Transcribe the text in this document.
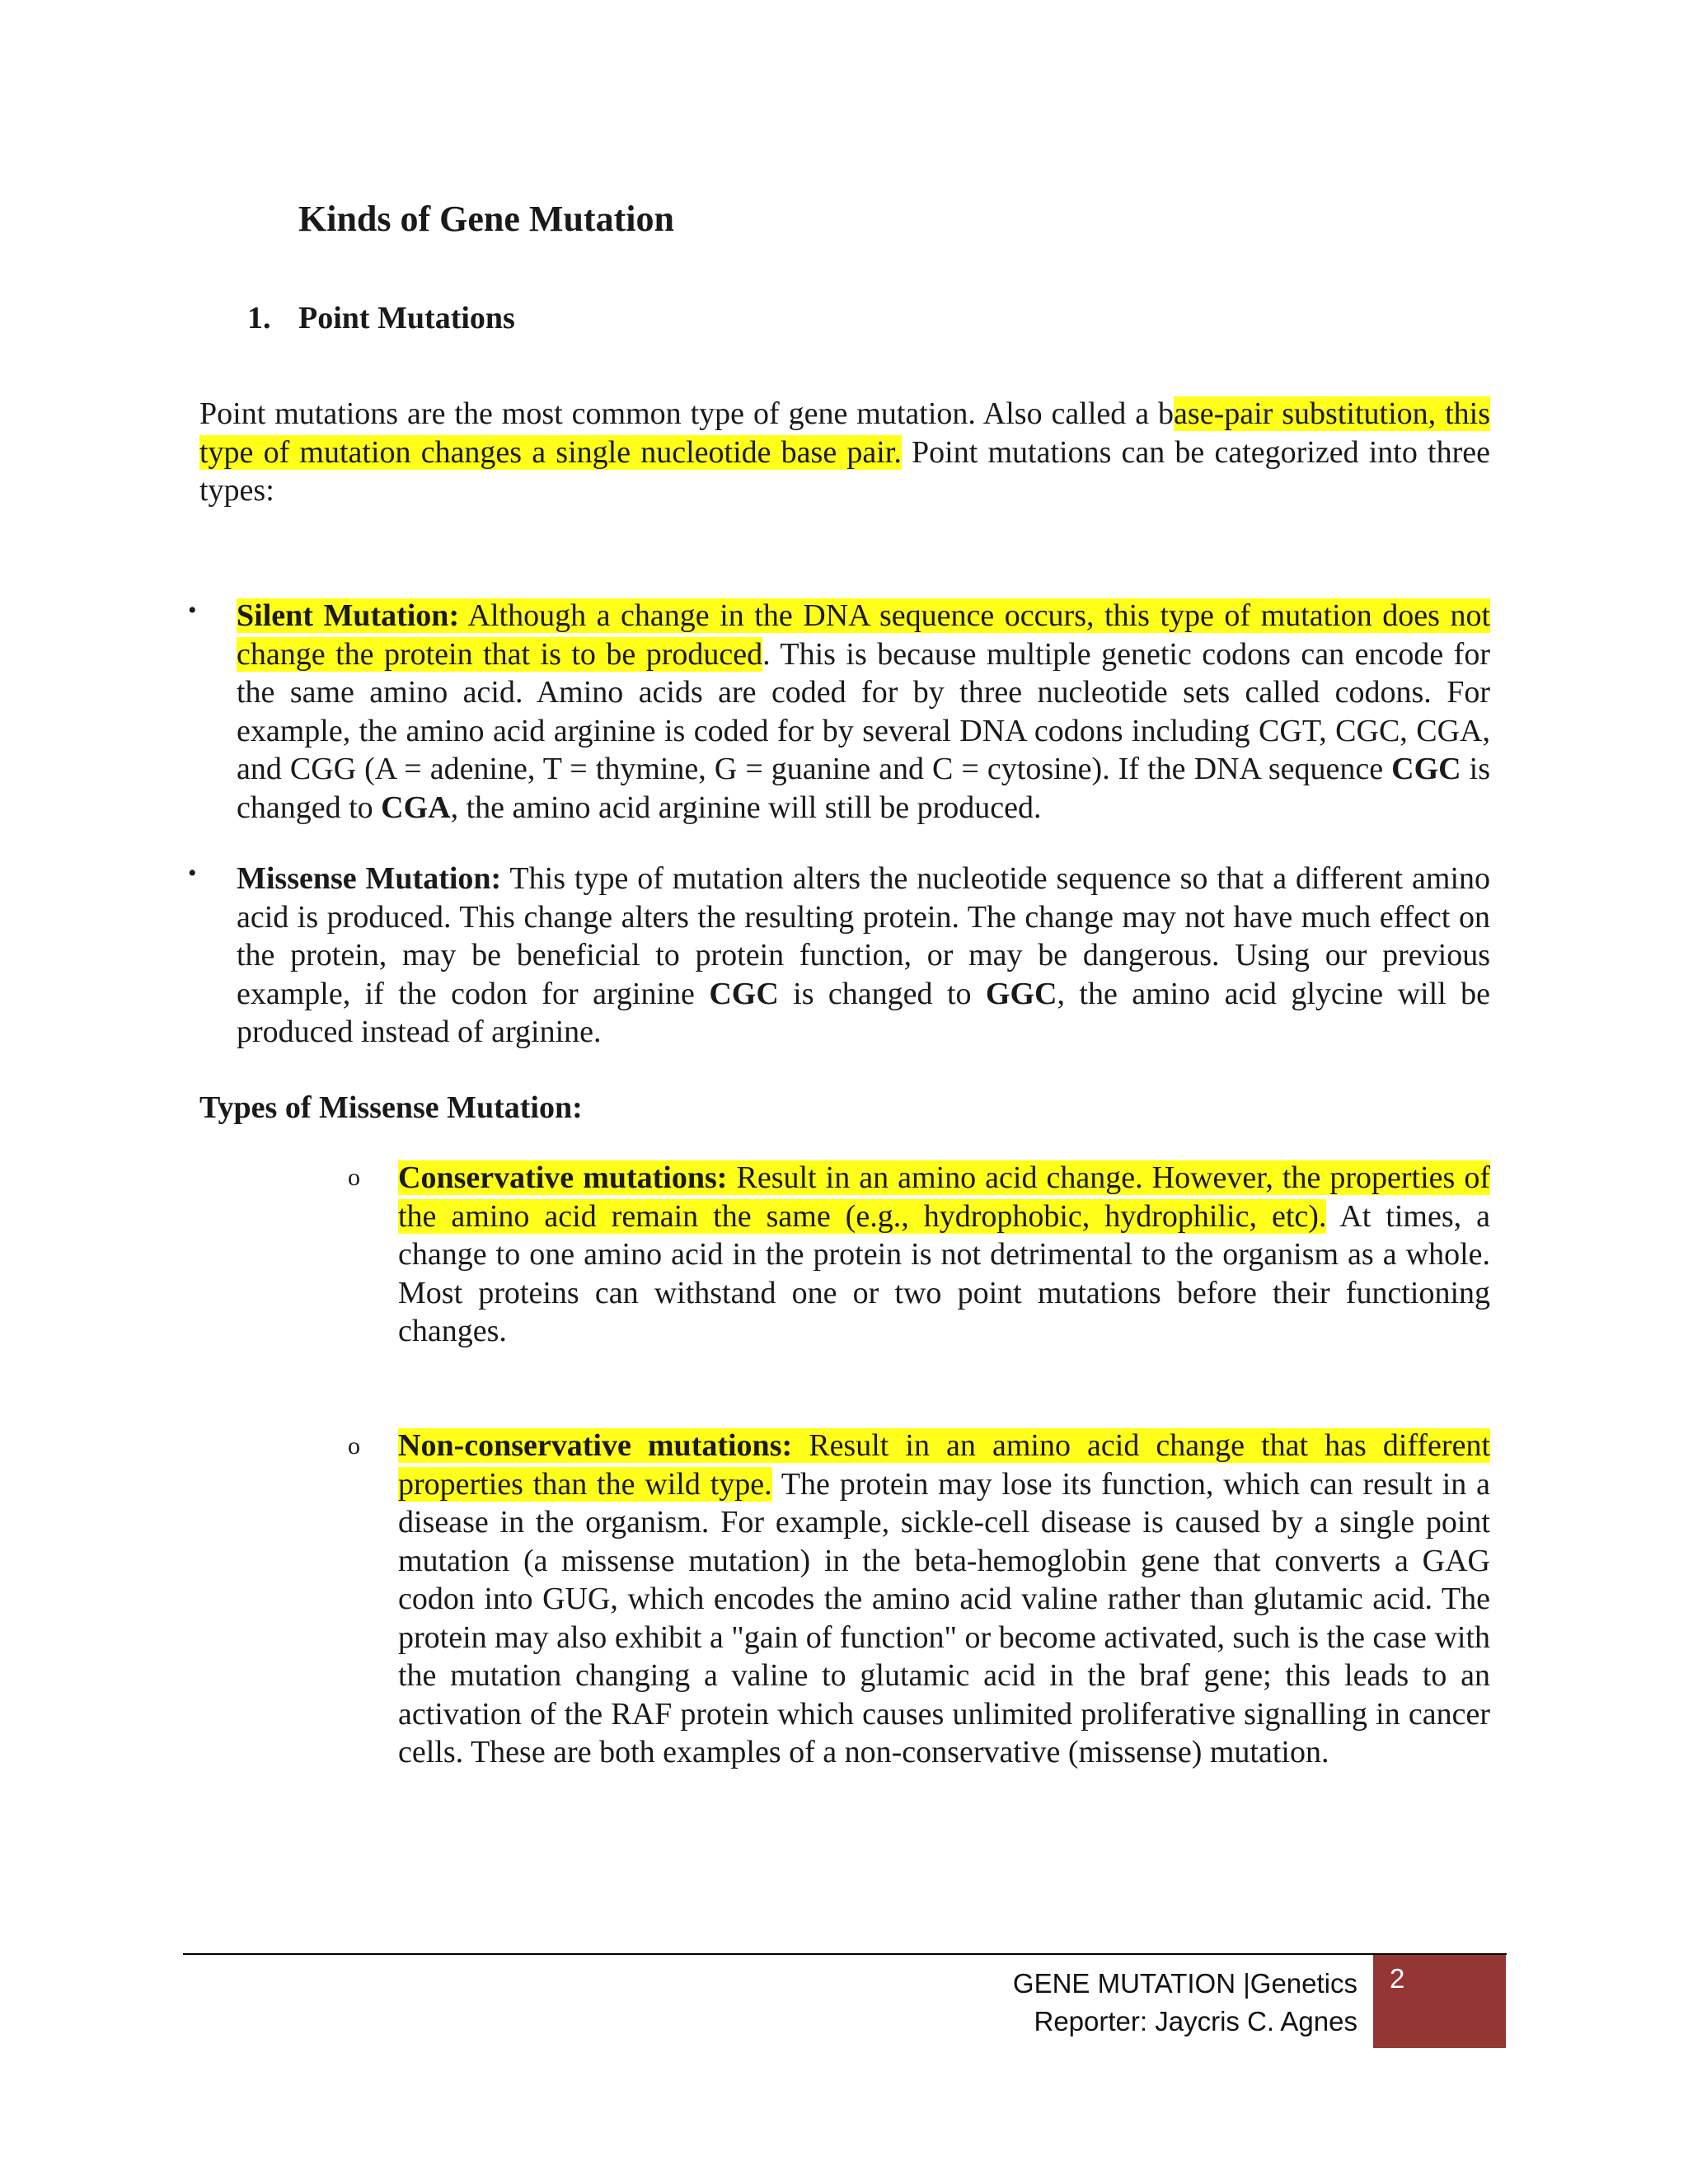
Kinds of Gene Mutation
1. Point Mutations

Point mutations are the most common type of gene mutation. Also called a base-pair substitution, this type of mutation changes a single nucleotide base pair. Point mutations can be categorized into three types:

• Silent Mutation: Although a change in the DNA sequence occurs, this type of mutation does not change the protein that is to be produced. This is because multiple genetic codons can encode for the same amino acid. Amino acids are coded for by three nucleotide sets called codons. For example, the amino acid arginine is coded for by several DNA codons including CGT, CGC, CGA, and CGG (A = adenine, T = thymine, G = guanine and C = cytosine). If the DNA sequence CGC is changed to CGA, the amino acid arginine will still be produced.

• Missense Mutation: This type of mutation alters the nucleotide sequence so that a different amino acid is produced. This change alters the resulting protein. The change may not have much effect on the protein, may be beneficial to protein function, or may be dangerous. Using our previous example, if the codon for arginine CGC is changed to GGC, the amino acid glycine will be produced instead of arginine.

Types of Missense Mutation:
o Conservative mutations: Result in an amino acid change. However, the properties of the amino acid remain the same (e.g., hydrophobic, hydrophilic, etc). At times, a change to one amino acid in the protein is not detrimental to the organism as a whole. Most proteins can withstand one or two point mutations before their functioning changes.

o Non-conservative mutations: Result in an amino acid change that has different properties than the wild type. The protein may lose its function, which can result in a disease in the organism. For example, sickle-cell disease is caused by a single point mutation (a missense mutation) in the beta-hemoglobin gene that converts a GAG codon into GUG, which encodes the amino acid valine rather than glutamic acid. The protein may also exhibit a "gain of function" or become activated, such is the case with the mutation changing a valine to glutamic acid in the braf gene; this leads to an activation of the RAF protein which causes unlimited proliferative signalling in cancer cells. These are both examples of a non-conservative (missense) mutation.

GENE MUTATION |Genetics
Reporter: Jaycris C. Agnes
2
